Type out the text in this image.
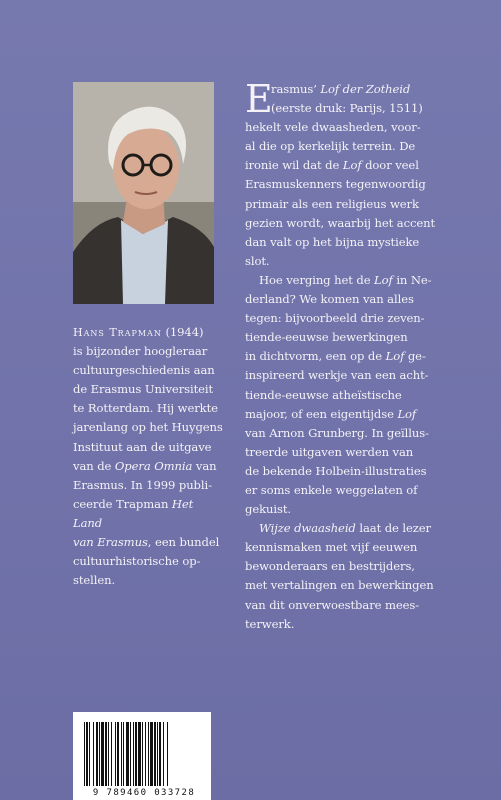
Hans Trapman (1944)
is bijzonder hoogleraar
cultuurgeschiedenis aan
de Erasmus Universiteit
te Rotterdam. Hij werkte
jarenlang op het Huygens
Instituut aan de uitgave
van de Opera Omnia van
Erasmus. In 1999 publi-
ceerde Trapman Het Land
van Erasmus, een bundel
cultuurhistorische op-
stellen.

E
rasmus’ Lof der Zotheid
(eerste druk: Parijs, 1511)
hekelt vele dwaasheden, voor-
al die op kerkelijk terrein. De
ironie wil dat de Lof door veel
Erasmuskenners tegenwoordig
primair als een religieus werk
gezien wordt, waarbij het accent
dan valt op het bijna mystieke
slot.

Hoe verging het de Lof in Ne-
derland? We komen van alles
tegen: bijvoorbeeld drie zeven-
tiende-eeuwse bewerkingen
in dichtvorm, een op de Lof ge-
inspireerd werkje van een acht-
tiende-eeuwse atheïstische
majoor, of een eigentijdse Lof
van Arnon Grunberg. In geïllus-
treerde uitgaven werden van
de bekende Holbein-illustraties
er soms enkele weggelaten of
gekuist.

Wijze dwaasheid laat de lezer
kennismaken met vijf eeuwen
bewonderaars en bestrijders,
met vertalingen en bewerkingen
van dit onverwoestbare mees-
terwerk.

9 789460 033728
